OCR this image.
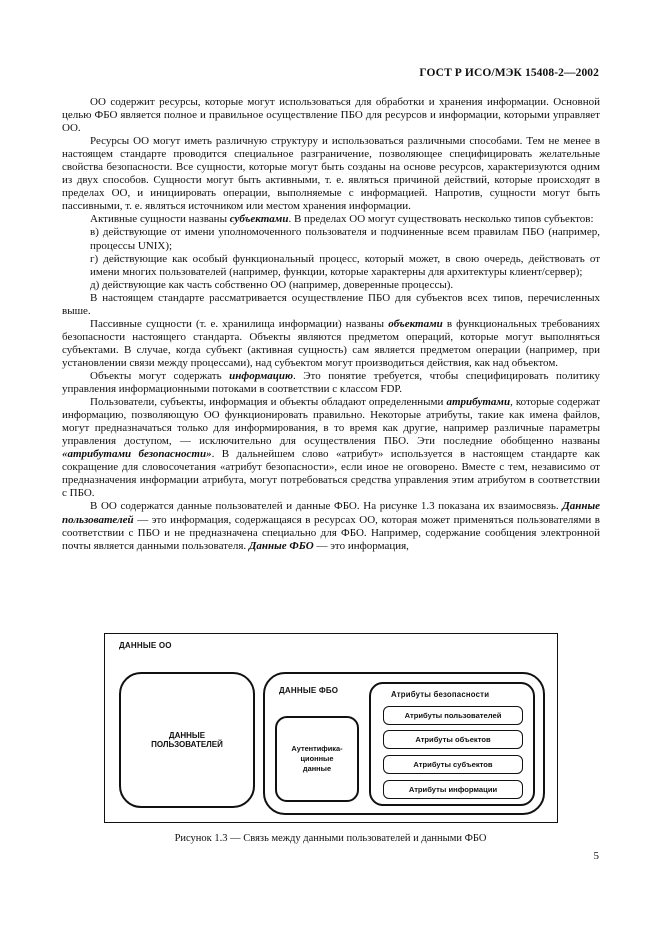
ГОСТ Р ИСО/МЭК 15408-2—2002

ОО содержит ресурсы, которые могут использоваться для обработки и хранения информации. Основной целью ФБО является полное и правильное осуществление ПБО для ресурсов и информации, которыми управляет ОО.

Ресурсы ОО могут иметь различную структуру и использоваться различными способами. Тем не менее в настоящем стандарте проводится специальное разграничение, позволяющее специфицировать желательные свойства безопасности. Все сущности, которые могут быть созданы на основе ресурсов, характеризуются одним из двух способов. Сущности могут быть активными, т. е. являться причиной действий, которые происходят в пределах ОО, и инициировать операции, выполняемые с информацией. Напротив, сущности могут быть пассивными, т. е. являться источником или местом хранения информации.

Активные сущности названы субъектами. В пределах ОО могут существовать несколько типов субъектов:

в) действующие от имени уполномоченного пользователя и подчиненные всем правилам ПБО (например, процессы UNIX);

г) действующие как особый функциональный процесс, который может, в свою очередь, действовать от имени многих пользователей (например, функции, которые характерны для архитектуры клиент/сервер);

д) действующие как часть собственно ОО (например, доверенные процессы).

В настоящем стандарте рассматривается осуществление ПБО для субъектов всех типов, перечисленных выше.

Пассивные сущности (т. е. хранилища информации) названы объектами в функциональных требованиях безопасности настоящего стандарта. Объекты являются предметом операций, которые могут выполняться субъектами. В случае, когда субъект (активная сущность) сам является предметом операции (например, при установлении связи между процессами), над субъектом могут производиться действия, как над объектом.

Объекты могут содержать информацию. Это понятие требуется, чтобы специфицировать политику управления информационными потоками в соответствии с классом FDP.

Пользователи, субъекты, информация и объекты обладают определенными атрибутами, которые содержат информацию, позволяющую ОО функционировать правильно. Некоторые атрибуты, такие как имена файлов, могут предназначаться только для информирования, в то время как другие, например различные параметры управления доступом, — исключительно для осуществления ПБО. Эти последние обобщенно названы «атрибутами безопасности». В дальнейшем слово «атрибут» используется в настоящем стандарте как сокращение для словосочетания «атрибут безопасности», если иное не оговорено. Вместе с тем, независимо от предназначения информации атрибута, могут потребоваться средства управления этим атрибутом в соответствии с ПБО.

В ОО содержатся данные пользователей и данные ФБО. На рисунке 1.3 показана их взаимосвязь. Данные пользователей — это информация, содержащаяся в ресурсах ОО, которая может применяться пользователями в соответствии с ПБО и не предназначена специально для ФБО. Например, содержание сообщения электронной почты является данными пользователя. Данные ФБО — это информация,

ДАННЫЕ ОО
ДАННЫЕ
ПОЛЬЗОВАТЕЛЕЙ
ДАННЫЕ ФБО
Аутентифика-
ционные
данные
Атрибуты безопасности
Атрибуты пользователей
Атрибуты объектов
Атрибуты субъектов
Атрибуты информации
Рисунок 1.3 — Связь между данными пользователей и данными ФБО
5
